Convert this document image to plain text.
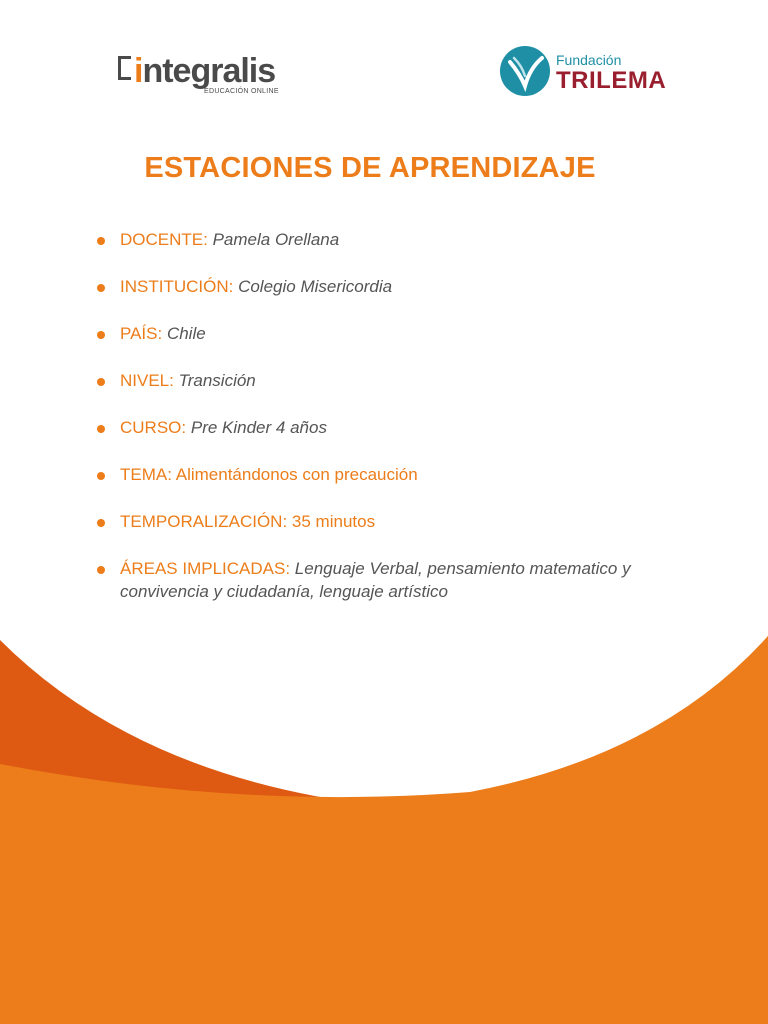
integralis
EDUCACIÓN ONLINE
Fundación
TRILEMA
ESTACIONES DE APRENDIZAJE
DOCENTE: Pamela Orellana
INSTITUCIÓN: Colegio Misericordia
PAÍS: Chile
NIVEL: Transición
CURSO: Pre Kinder 4 años
TEMA: Alimentándonos con precaución
TEMPORALIZACIÓN: 35 minutos
ÁREAS IMPLICADAS: Lenguaje Verbal, pensamiento matematico y convivencia y ciudadanía, lenguaje artístico
